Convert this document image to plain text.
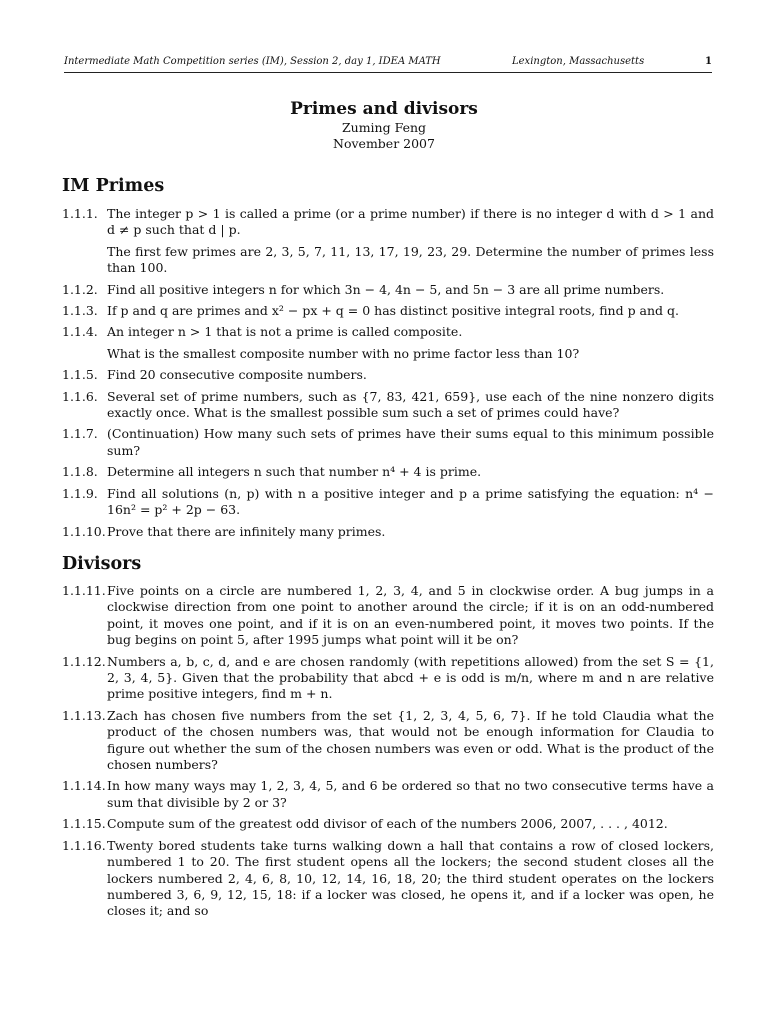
Intermediate Math Competition series (IM), Session 2, day 1, IDEA MATH	Lexington, Massachusetts	1
Primes and divisors
Zuming Feng
November 2007
IM Primes
1.1.1. The integer p > 1 is called a prime (or a prime number) if there is no integer d with d > 1 and d ≠ p such that d | p.
The first few primes are 2, 3, 5, 7, 11, 13, 17, 19, 23, 29. Determine the number of primes less than 100.
1.1.2. Find all positive integers n for which 3n − 4, 4n − 5, and 5n − 3 are all prime numbers.
1.1.3. If p and q are primes and x² − px + q = 0 has distinct positive integral roots, find p and q.
1.1.4. An integer n > 1 that is not a prime is called composite.
What is the smallest composite number with no prime factor less than 10?
1.1.5. Find 20 consecutive composite numbers.
1.1.6. Several set of prime numbers, such as {7, 83, 421, 659}, use each of the nine nonzero digits exactly once. What is the smallest possible sum such a set of primes could have?
1.1.7. (Continuation) How many such sets of primes have their sums equal to this minimum possible sum?
1.1.8. Determine all integers n such that number n⁴ + 4 is prime.
1.1.9. Find all solutions (n, p) with n a positive integer and p a prime satisfying the equation: n⁴ − 16n² = p² + 2p − 63.
1.1.10. Prove that there are infinitely many primes.
Divisors
1.1.11. Five points on a circle are numbered 1, 2, 3, 4, and 5 in clockwise order. A bug jumps in a clockwise direction from one point to another around the circle; if it is on an odd-numbered point, it moves one point, and if it is on an even-numbered point, it moves two points. If the bug begins on point 5, after 1995 jumps what point will it be on?
1.1.12. Numbers a, b, c, d, and e are chosen randomly (with repetitions allowed) from the set S = {1, 2, 3, 4, 5}. Given that the probability that abcd + e is odd is m/n, where m and n are relative prime positive integers, find m + n.
1.1.13. Zach has chosen five numbers from the set {1, 2, 3, 4, 5, 6, 7}. If he told Claudia what the product of the chosen numbers was, that would not be enough information for Claudia to figure out whether the sum of the chosen numbers was even or odd. What is the product of the chosen numbers?
1.1.14. In how many ways may 1, 2, 3, 4, 5, and 6 be ordered so that no two consecutive terms have a sum that divisible by 2 or 3?
1.1.15. Compute sum of the greatest odd divisor of each of the numbers 2006, 2007, . . . , 4012.
1.1.16. Twenty bored students take turns walking down a hall that contains a row of closed lockers, numbered 1 to 20. The first student opens all the lockers; the second student closes all the lockers numbered 2, 4, 6, 8, 10, 12, 14, 16, 18, 20; the third student operates on the lockers numbered 3, 6, 9, 12, 15, 18: if a locker was closed, he opens it, and if a locker was open, he closes it; and so
